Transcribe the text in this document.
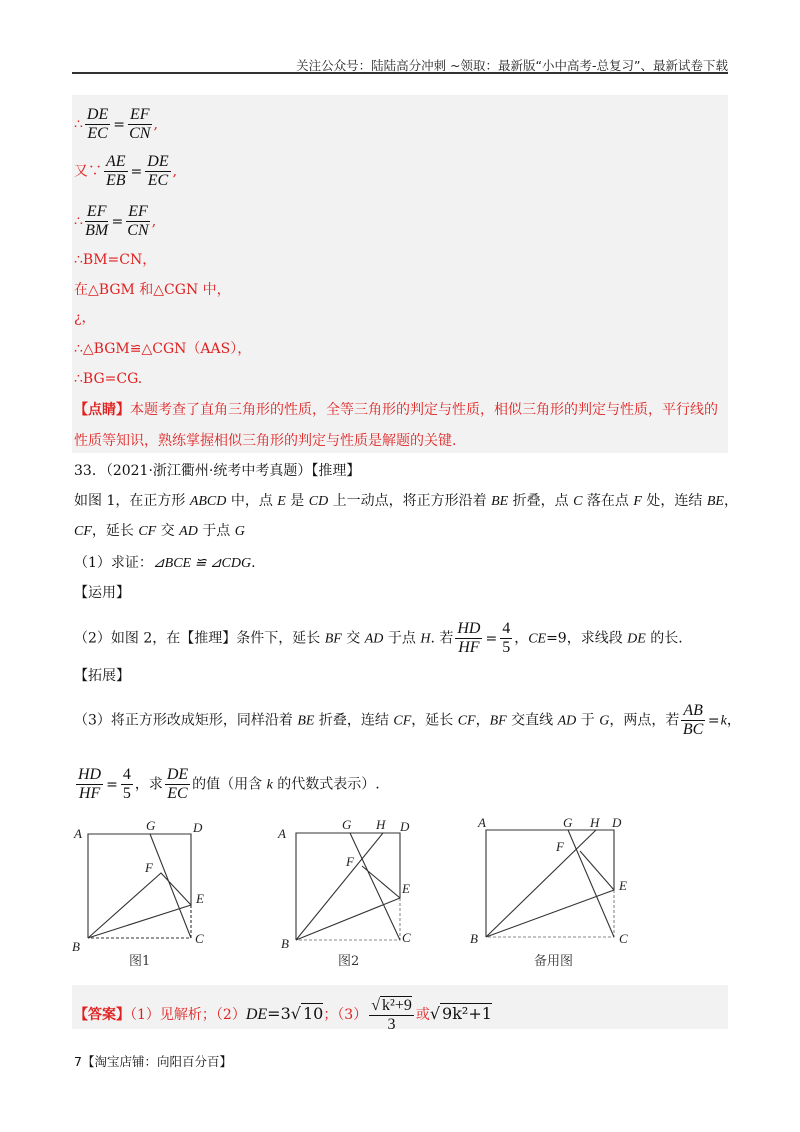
关注公众号：陆陆高分冲刺 ~领取：最新版“小中高考-总复习”、最新试卷下载
∴ $\frac{DE}{EC} = \frac{EF}{CN}$ ,
又∵ $\frac{AE}{EB} = \frac{DE}{EC}$ ,
∴ $\frac{EF}{BM} = \frac{EF}{CN}$ ,
∴BM=CN，
在△BGM 和△CGN 中，
¿，
∴△BGM≌△CGN（AAS），
∴BG=CG.
【点睛】本题考查了直角三角形的性质，全等三角形的判定与性质，相似三角形的判定与性质，平行线的
性质等知识，熟练掌握相似三角形的判定与性质是解题的关键.
33．（2021·浙江衢州·统考中考真题）【推理】
如图 1，在正方形 ABCD 中，点 E 是 CD 上一动点，将正方形沿着 BE 折叠，点 C 落在点 F 处，连结 BE，
CF，延长 CF 交 AD 于点 G
（1）求证：⊿BCE ≌ ⊿CDG.
【运用】
（2）如图 2，在【推理】条件下，延长 BF 交 AD 于点 H. 若 $\frac{HD}{HF} = \frac{4}{5}$ ，CE=9，求线段 DE 的长.
【拓展】
（3）将正方形改成矩形，同样沿着 BE 折叠，连结 CF，延长 CF，BF 交直线 AD 于 G，两点，若 $\frac{AB}{BC} =k$，
$\frac{HD}{HF} = \frac{4}{5}$ ，求 $\frac{DE}{EC}$ 的值（用含 k 的代数式表示）.
A
G	D
F
E
B
C
A
G H D
F
E
B	C
A	G H D
F
E
B	C
图1	图2	备用图
【答案】（1）见解析；（2）DE=3√ 10；$(3) \frac{\text{√ k²+9}}{3}$ 或√ 9k²+1
7【淘宝店铺：向阳百分百】
